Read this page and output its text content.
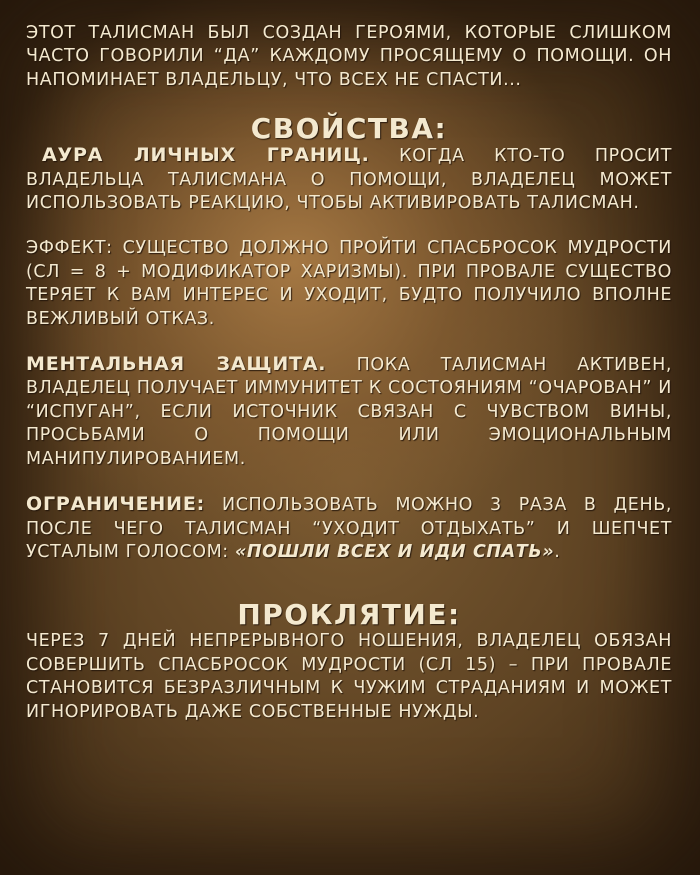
ЭТОТ ТАЛИСМАН БЫЛ СОЗДАН ГЕРОЯМИ, КОТОРЫЕ СЛИШКОМ ЧАСТО ГОВОРИЛИ “ДА” КАЖДОМУ ПРОСЯЩЕМУ О ПОМОЩИ. ОН НАПОМИНАЕТ ВЛАДЕЛЬЦУ, ЧТО ВСЕХ НЕ СПАСТИ...

СВОЙСТВА:

АУРА ЛИЧНЫХ ГРАНИЦ. КОГДА КТО-ТО ПРОСИТ ВЛАДЕЛЬЦА ТАЛИСМАНА О ПОМОЩИ, ВЛАДЕЛЕЦ МОЖЕТ ИСПОЛЬЗОВАТЬ РЕАКЦИЮ, ЧТОБЫ АКТИВИРОВАТЬ ТАЛИСМАН.

ЭФФЕКТ: СУЩЕСТВО ДОЛЖНО ПРОЙТИ СПАСБРОСОК МУДРОСТИ (СЛ = 8 + МОДИФИКАТОР ХАРИЗМЫ). ПРИ ПРОВАЛЕ СУЩЕСТВО ТЕРЯЕТ К ВАМ ИНТЕРЕС И УХОДИТ, БУДТО ПОЛУЧИЛО ВПОЛНЕ ВЕЖЛИВЫЙ ОТКАЗ.

МЕНТАЛЬНАЯ ЗАЩИТА. ПОКА ТАЛИСМАН АКТИВЕН, ВЛАДЕЛЕЦ ПОЛУЧАЕТ ИММУНИТЕТ К СОСТОЯНИЯМ “ОЧАРОВАН” И “ИСПУГАН”, ЕСЛИ ИСТОЧНИК СВЯЗАН С ЧУВСТВОМ ВИНЫ, ПРОСЬБАМИ О ПОМОЩИ ИЛИ ЭМОЦИОНАЛЬНЫМ МАНИПУЛИРОВАНИЕМ.

ОГРАНИЧЕНИЕ: ИСПОЛЬЗОВАТЬ МОЖНО 3 РАЗА В ДЕНЬ, ПОСЛЕ ЧЕГО ТАЛИСМАН “УХОДИТ ОТДЫХАТЬ” И ШЕПЧЕТ УСТАЛЫМ ГОЛОСОМ: «ПОШЛИ ВСЕХ И ИДИ СПАТЬ».

ПРОКЛЯТИЕ:

ЧЕРЕЗ 7 ДНЕЙ НЕПРЕРЫВНОГО НОШЕНИЯ, ВЛАДЕЛЕЦ ОБЯЗАН СОВЕРШИТЬ СПАСБРОСОК МУДРОСТИ (СЛ 15) – ПРИ ПРОВАЛЕ СТАНОВИТСЯ БЕЗРАЗЛИЧНЫМ К ЧУЖИМ СТРАДАНИЯМ И МОЖЕТ ИГНОРИРОВАТЬ ДАЖЕ СОБСТВЕННЫЕ НУЖДЫ.
